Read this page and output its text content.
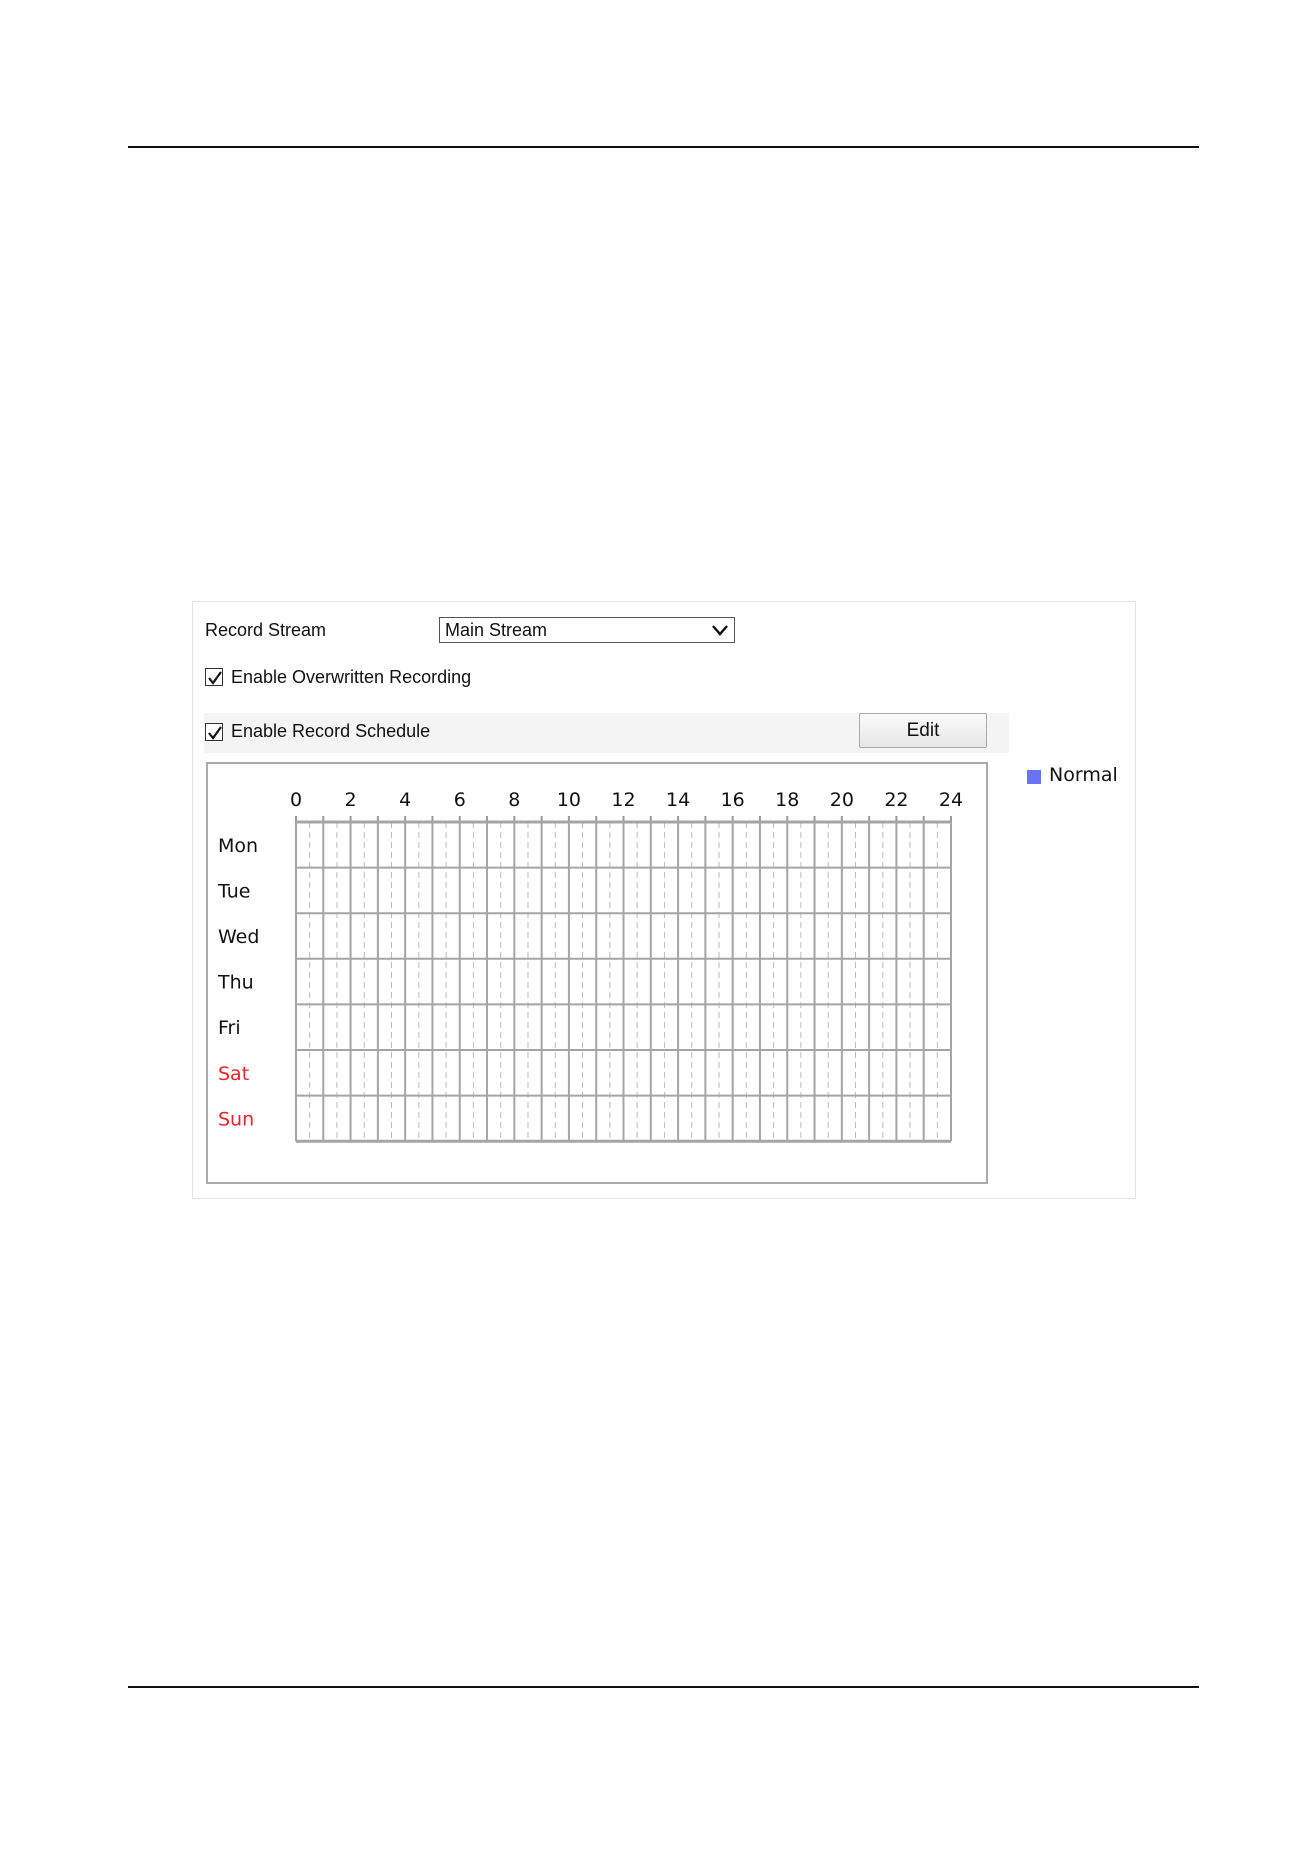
Record Stream	Main Stream
Enable Overwritten Recording
Enable Record Schedule	Edit
0 2 4 6 8 10 12 14 16 18 20 22 24
Mon
Tue
Wed
Thu
Fri
Sat
Sun
Normal
